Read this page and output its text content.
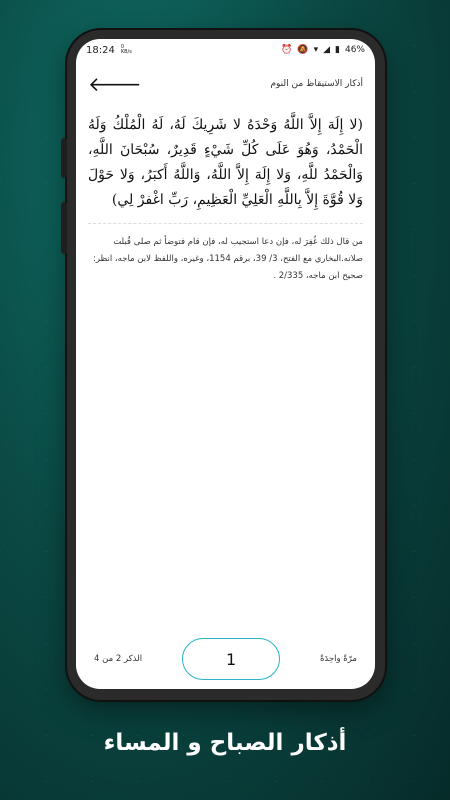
18:24 0
KB/s	⏰ 🔕 ▾ ◢ ▮ 46%
🡐	أذكار الاستيقاظ من النوم
(لا إِلَهَ إِلاَّ اللَّهُ وَحْدَهُ لا شَرِيكَ لَهُ، لَهُ الْمُلْكُ وَلَهُ الْحَمْدُ، وَهُوَ عَلَى كُلِّ شَيْءٍ قَدِيرٌ، سُبْحَانَ اللَّهِ، وَالْحَمْدُ للَّهِ، وَلا إِلَهَ إِلاَّ اللَّهُ، وَاللَّهُ أَكبَرُ، وَلا حَوْلَ وَلا قُوَّةَ إِلاَّ بِاللَّهِ الْعَلِيِّ الْعَظِيمِ، رَبِّ اغْفرْ لِي)
من قال ذلك غُفِرَ له، فإن دعا استجيب له، فإن قام فتوضأ ثم صلى قُبلت صلاته.البخاري مع الفتح، 3/ 39، برقم 1154، وغيره، واللفظ لابن ماجه، انظر: صحيح ابن ماجه، 2/335 .
الذكر 2 من 4	1	مرّةً واحِدَةً
أذكار الصباح و المساء
